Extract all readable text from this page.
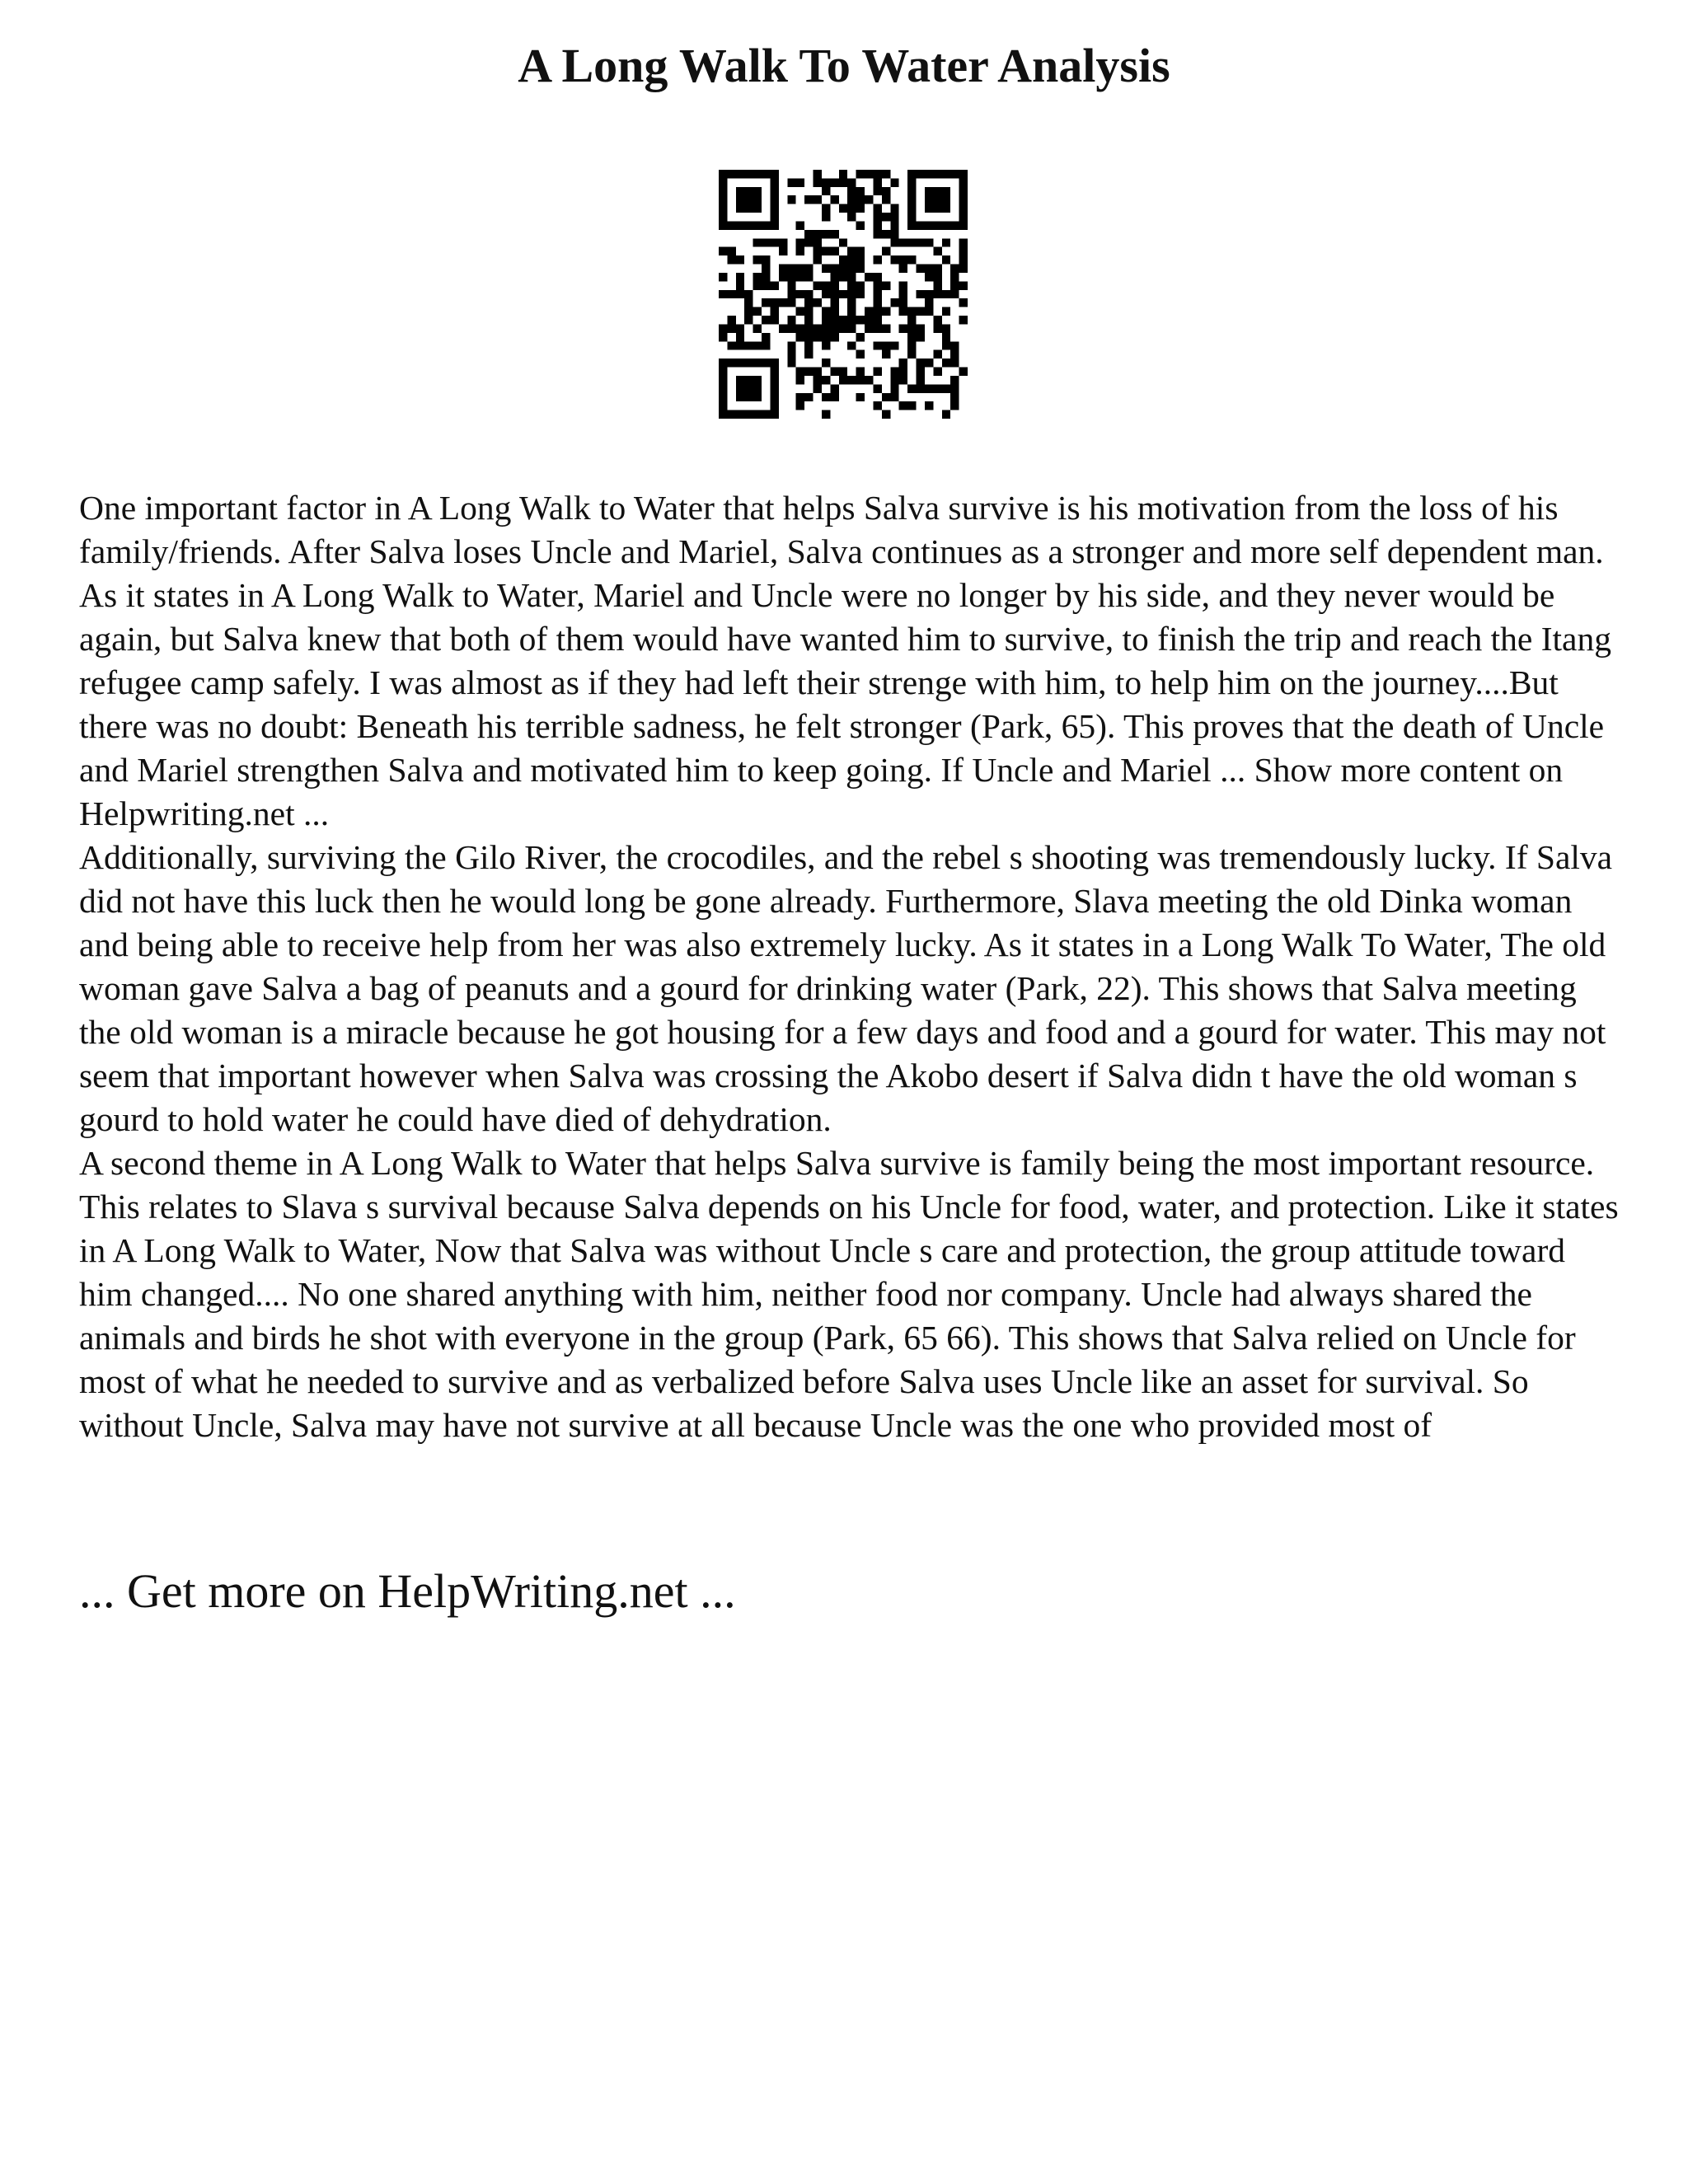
A Long Walk To Water Analysis

One important factor in A Long Walk to Water that helps Salva survive is his motivation from the loss of his family/friends. After Salva loses Uncle and Mariel, Salva continues as a stronger and more self dependent man. As it states in A Long Walk to Water, Mariel and Uncle were no longer by his side, and they never would be again, but Salva knew that both of them would have wanted him to survive, to finish the trip and reach the Itang refugee camp safely. I was almost as if they had left their strenge with him, to help him on the journey....But there was no doubt: Beneath his terrible sadness, he felt stronger (Park, 65). This proves that the death of Uncle and Mariel strengthen Salva and motivated him to keep going. If Uncle and Mariel ... Show more content on Helpwriting.net ...

Additionally, surviving the Gilo River, the crocodiles, and the rebel s shooting was tremendously lucky. If Salva did not have this luck then he would long be gone already. Furthermore, Slava meeting the old Dinka woman and being able to receive help from her was also extremely lucky. As it states in a Long Walk To Water, The old woman gave Salva a bag of peanuts and a gourd for drinking water (Park, 22). This shows that Salva meeting the old woman is a miracle because he got housing for a few days and food and a gourd for water. This may not seem that important however when Salva was crossing the Akobo desert if Salva didn t have the old woman s gourd to hold water he could have died of dehydration.

A second theme in A Long Walk to Water that helps Salva survive is family being the most important resource. This relates to Slava s survival because Salva depends on his Uncle for food, water, and protection. Like it states in A Long Walk to Water, Now that Salva was without Uncle s care and protection, the group attitude toward him changed.... No one shared anything with him, neither food nor company. Uncle had always shared the animals and birds he shot with everyone in the group (Park, 65 66). This shows that Salva relied on Uncle for most of what he needed to survive and as verbalized before Salva uses Uncle like an asset for survival. So without Uncle, Salva may have not survive at all because Uncle was the one who provided most of

... Get more on HelpWriting.net ...
